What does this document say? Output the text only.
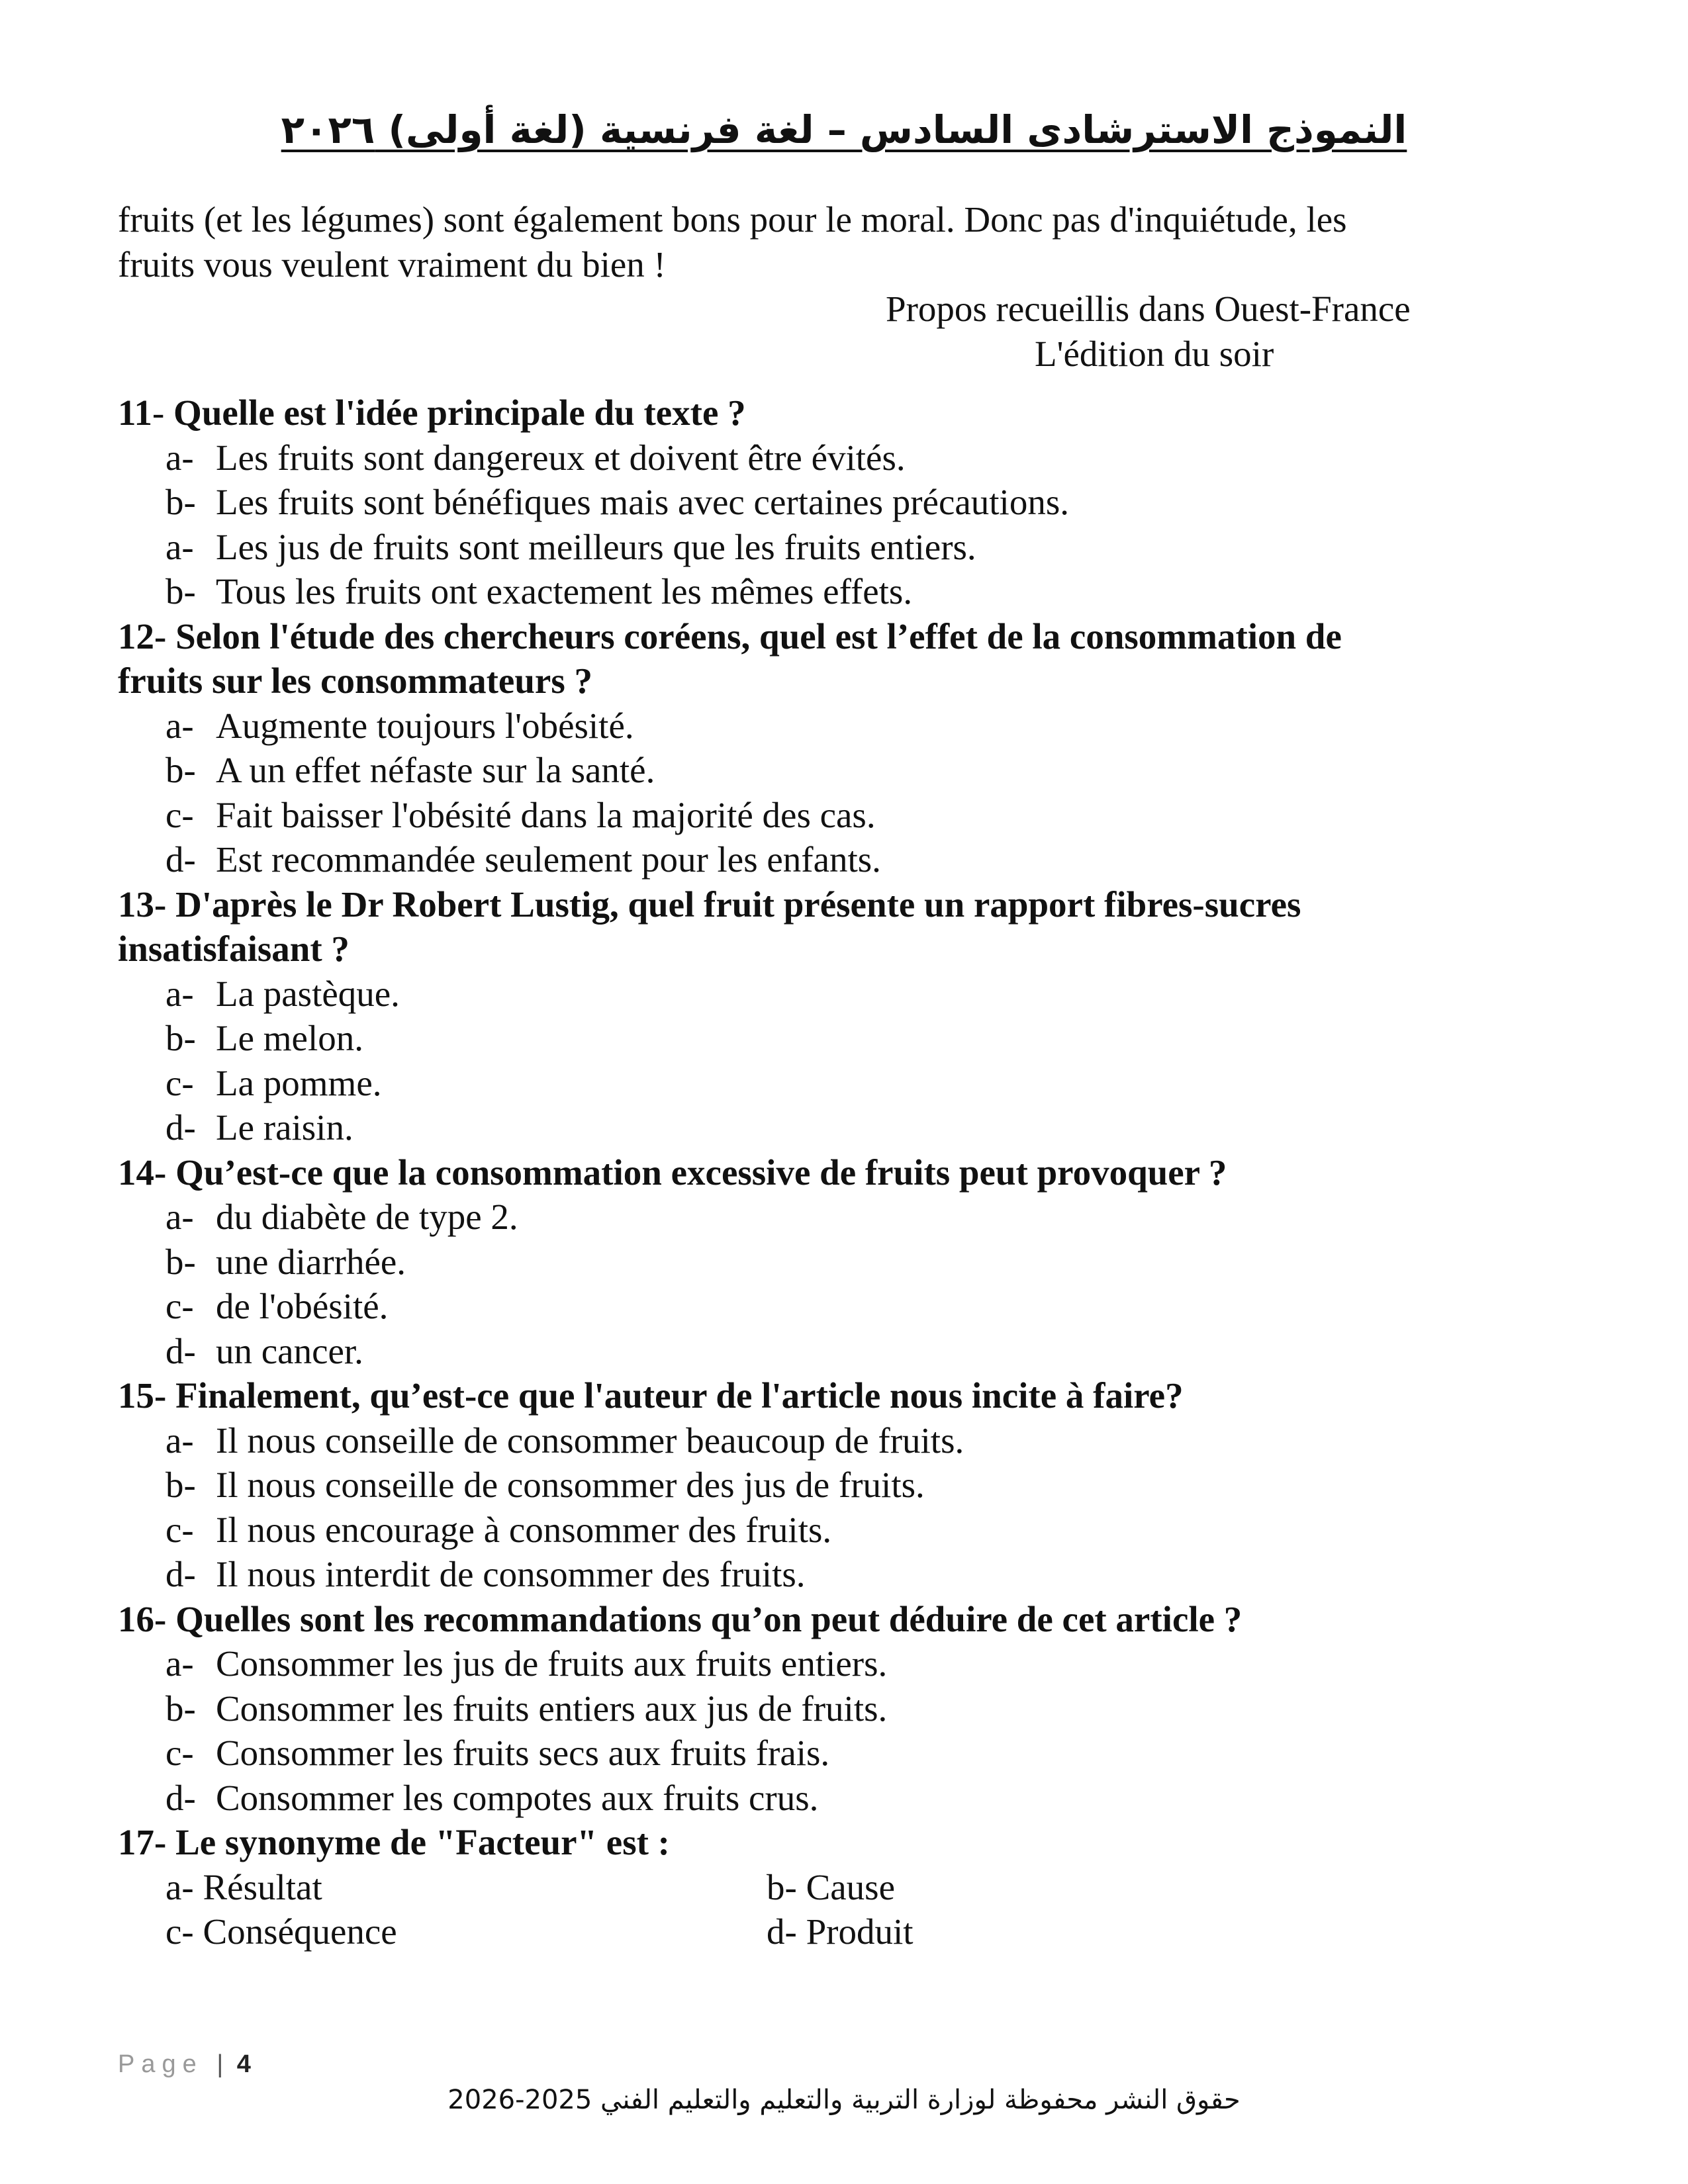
النموذج الاسترشادى السادس – لغة فرنسية (لغة أولى) ٢٠٢٦
fruits (et les légumes) sont également bons pour le moral. Donc pas d'inquiétude, les
fruits vous veulent vraiment du bien !
Propos recueillis dans Ouest-France
L'édition du soir
11- Quelle est l'idée principale du texte ?
a- Les fruits sont dangereux et doivent être évités.
b- Les fruits sont bénéfiques mais avec certaines précautions.
a- Les jus de fruits sont meilleurs que les fruits entiers.
b- Tous les fruits ont exactement les mêmes effets.
12- Selon l'étude des chercheurs coréens, quel est l’effet de la consommation de
fruits sur les consommateurs ?
a- Augmente toujours l'obésité.
b- A un effet néfaste sur la santé.
c- Fait baisser l'obésité dans la majorité des cas.
d- Est recommandée seulement pour les enfants.
13- D'après le Dr Robert Lustig, quel fruit présente un rapport fibres-sucres
insatisfaisant ?
a- La pastèque.
b- Le melon.
c- La pomme.
d- Le raisin.
14- Qu’est-ce que la consommation excessive de fruits peut provoquer ?
a- du diabète de type 2.
b- une diarrhée.
c- de l'obésité.
d- un cancer.
15- Finalement, qu’est-ce que l'auteur de l'article nous incite à faire?
a- Il nous conseille de consommer beaucoup de fruits.
b- Il nous conseille de consommer des jus de fruits.
c- Il nous encourage à consommer des fruits.
d- Il nous interdit de consommer des fruits.
16- Quelles sont les recommandations qu’on peut déduire de cet article ?
a- Consommer les jus de fruits aux fruits entiers.
b- Consommer les fruits entiers aux jus de fruits.
c- Consommer les fruits secs aux fruits frais.
d- Consommer les compotes aux fruits crus.
17- Le synonyme de "Facteur" est :
a- Résultat	b- Cause
c- Conséquence	d- Produit
Page | 4
حقوق النشر محفوظة لوزارة التربية والتعليم والتعليم الفني 2025-2026
